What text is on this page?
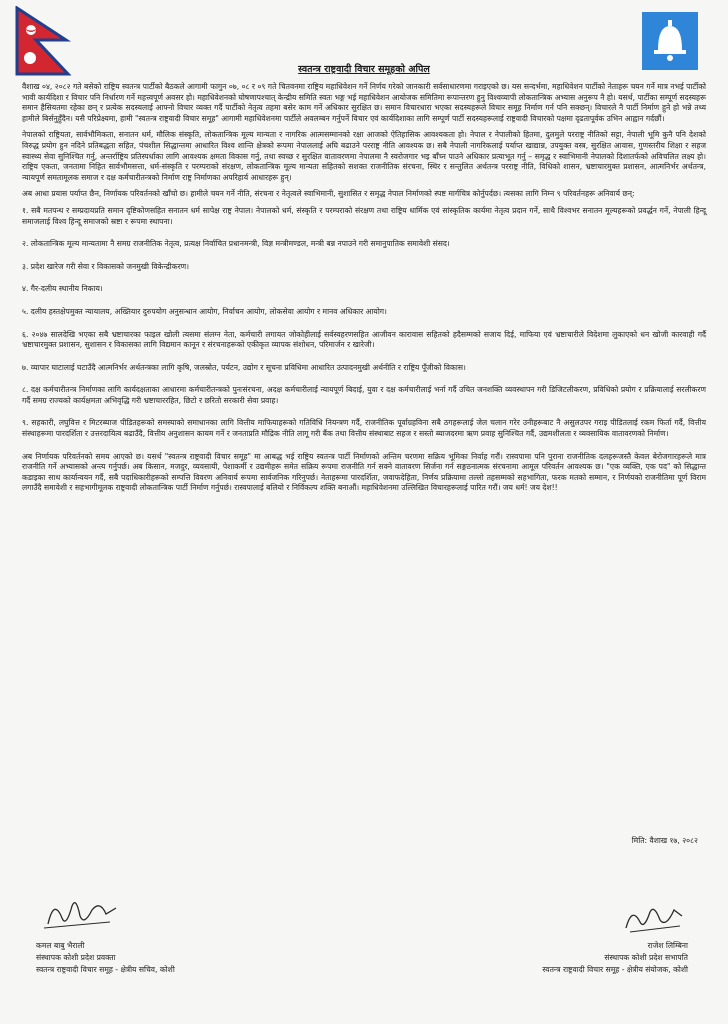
स्वतन्त्र राष्ट्रवादी विचार समूहको अपिल

वैशाख ०४, २०८२ गते बसेको राष्ट्रिय स्वतन्त्र पार्टीको बैठकले आगामी फागुन ०७, ०८ र ०९ गते चितवनमा राष्ट्रिय महाधिवेशन गर्ने निर्णय गरेको जानकारी सर्वसाधारणमा गराइएको छ। यस सन्दर्भमा, महाधिवेशन पार्टीको नेताहरू चयन गर्ने मात्र नभई पार्टीको भावी कार्यदिशा र विचार पनि निर्धारण गर्ने महत्त्वपूर्ण अवसर हो। महाधिवेशनको घोषणापश्चात् केन्द्रीय समिति स्वतः भङ्ग भई महाधिवेशन आयोजक समितिमा रूपान्तरण हुनु विश्वव्यापी लोकतान्त्रिक अभ्यास अनुरूप नै हो। यसर्थ, पार्टीका सम्पूर्ण सदस्यहरू समान हैसियतमा रहेका छन् र प्रत्येक सदस्यलाई आफ्नो विचार व्यक्त गर्दै पार्टीको नेतृत्व तहमा बसेर काम गर्ने अधिकार सुरक्षित छ। समान विचारधारा भएका सदस्यहरूले विचार समूह निर्माण गर्न पनि सक्छन्। विचारले नै पार्टी निर्माण हुने हो भन्ने तथ्य हामीले बिर्सनुहुँदैन। यसै परिप्रेक्ष्यमा, हामी "स्वतन्त्र राष्ट्रवादी विचार समूह" आगामी महाधिवेशनमा पार्टीले अवलम्बन गर्नुपर्ने विचार एवं कार्यदिशाका लागि सम्पूर्ण पार्टी सदस्यहरूलाई राष्ट्रवादी विचारको पक्षमा दृढतापूर्वक उभिन आह्वान गर्दछौं।

नेपालको राष्ट्रियता, सार्वभौमिकता, सनातन धर्म, मौलिक संस्कृति, लोकतान्त्रिक मूल्य मान्यता र नागरिक आत्मसम्मानको रक्षा आजको ऐतिहासिक आवश्यकता हो। नेपाल र नेपालीको हितमा, दुलमुले परराष्ट्र नीतिको सट्टा, नेपाली भूमि कुनै पनि देशको विरुद्ध प्रयोग हुन नदिने प्रतिबद्धता सहित, पंचशील सिद्धान्तमा आधारित विश्व शान्ति क्षेत्रको रूपमा नेपाललाई अघि बढाउने परराष्ट्र नीति आवश्यक छ। सबै नेपाली नागरिकलाई पर्याप्त खाद्यान्न, उपयुक्त वस्त्र, सुरक्षित आवास, गुणस्तरीय शिक्षा र सहज स्वास्थ्य सेवा सुनिश्चित गर्नु, अन्तर्राष्ट्रिय प्रतिस्पर्धाका लागि आवश्यक क्षमता विकास गर्नु, तथा स्वच्छ र सुरक्षित वातावरणमा नेपालमा नै स्वरोजगार भइ बाँच्न पाउने अधिकार प्रत्याभूत गर्नु – समृद्ध र स्वाभिमानी नेपालको दिशातर्फको अविचलित लक्ष्य हो। राष्ट्रिय एकता, जनतामा निहित सार्वभौमसत्ता, धर्म-संस्कृति र परम्पराको संरक्षण, लोकतान्त्रिक मूल्य मान्यता सहितको सशक्त राजनीतिक संरचना, स्थिर र सन्तुलित अर्थतन्त्र परराष्ट्र नीति, विधिको शासन, भ्रष्टाचारमुक्त प्रशासन, आत्मनिर्भर अर्थतन्त्र, न्यायपूर्ण समतामूलक समाज र दक्ष कर्मचारीतन्त्रको निर्माण राष्ट्र निर्माणका अपरिहार्य आधारहरू हुन्।

अब आधा प्रयास पर्याप्त छैन, निर्णायक परिवर्तनको खाँचो छ। हामीले चयन गर्ने नीति, संरचना र नेतृत्वले स्वाभिमानी, सुशासित र समृद्ध नेपाल निर्माणको स्पष्ट मार्गचित्र कोर्नुपर्दछ। त्यसका लागि निम्न ९ परिवर्तनहरू अनिवार्य छन्:

१. सबै मतपन्थ र सम्प्रदायप्रति समान दृष्टिकोणसहित सनातन धर्म सापेक्ष राष्ट्र नेपाल। नेपालको धर्म, संस्कृति र परम्पराको संरक्षण तथा राष्ट्रिय धार्मिक एवं सांस्कृतिक कार्यमा नेतृत्व प्रदान गर्ने, साथै विश्वभर सनातन मूल्यहरूको प्रवर्द्धन गर्ने, नेपाली हिन्दू समाजलाई विश्व हिन्दू समाजको स्रष्टा र रूपमा स्थापना।

२. लोकतान्त्रिक मूल्य मान्यतामा नै समग्र राजनीतिक नेतृत्व, प्रत्यक्ष निर्वाचित प्रधानमन्त्री, विज्ञ मन्त्रीमण्डल, मन्त्री बन्न नपाउने गरी समानुपातिक समावेशी संसद।

३. प्रदेश खारेज गरी सेवा र विकासको जनमुखी विकेन्द्रीकरण।

४. गैर-दलीय स्थानीय निकाय।

५. दलीय हस्तक्षेपमुक्त न्यायालय, अख्तियार दुरुपयोग अनुसन्धान आयोग, निर्वाचन आयोग, लोकसेवा आयोग र मानव अधिकार आयोग।

६. २०४७ सालदेखि भएका सबै भ्रष्टाचारका फाइल खोली त्यसमा संलग्न नेता, कर्मचारी लगायत जोकोहीलाई सर्वस्वहरणसहित आजीवन कारावास सहितको हदैसम्मको सजाय दिई, माफिया एवं भ्रष्टाचारीले विदेशमा लुकाएको धन खोजी कारवाही गर्दै भ्रष्टाचारमुक्त प्रशासन, सुशासन र विकासका लागि विद्यमान कानून र संरचनाहरूको एकीकृत व्यापक संशोधन, परिमार्जन र खारेजी।

७. व्यापार घाटालाई घटाउँदै आत्मनिर्भर अर्थतन्त्रका लागि कृषि, जलस्रोत, पर्यटन, उद्योग र सूचना प्रविधिमा आधारित उत्पादनमुखी अर्थनीति र राष्ट्रिय पूँजीको विकास।

८. दक्ष कर्मचारीतन्त्र निर्माणका लागि कार्यदक्षताका आधारमा कर्मचारीतन्त्रको पुनःसंरचना, अदक्ष कर्मचारीलाई न्यायपूर्ण बिदाई, युवा र दक्ष कर्मचारीलाई भर्ना गर्दै उचित जनशक्ति व्यवस्थापन गरी डिजिटलीकरण, प्रविधिको प्रयोग र प्रक्रियालाई सरलीकरण गर्दै समग्र राज्यको कार्यक्षमता अभिवृद्धि गरी भ्रष्टाचाररहित, छिटो र छरितो सरकारी सेवा प्रवाह।

९. सहकारी, लघुवित्त र मिटरब्याज पीडितहरूको समस्याको समाधानका लागि वित्तीय माफियाहरूको गतिविधि नियन्त्रण गर्दै, राजनीतिक पूर्वाग्रहविना सबै ठगहरूलाई जेल चलान गरेर उनीहरूबाट नै असुलउपर गराइ पीडितलाई रकम फिर्ता गर्दै, वित्तीय संस्थाहरूमा पारदर्शिता र उत्तरदायित्व बढाउँदै, वित्तीय अनुशासन कायम गर्ने र जनताप्रति मौद्रिक नीति लागू गरी बैंक तथा वित्तीय संस्थाबाट सहज र सस्तो ब्याजदरमा ऋण प्रवाह सुनिश्चित गर्दै, उद्यमशीलता र व्यवसायिक वातावरणको निर्माण।

अब निर्णायक परिवर्तनको समय आएको छ। यसर्थ "स्वतन्त्र राष्ट्रवादी विचार समूह" मा आबद्ध भई राष्ट्रिय स्वतन्त्र पार्टी निर्माणको अन्तिम चरणमा सक्रिय भूमिका निर्वाह गरौं। रास्वपामा पनि पुराना राजनीतिक दलहरूजस्तै केवल बेरोजगारहरूले मात्र राजनीति गर्ने अभ्यासको अन्त्य गर्नुपर्छ। अब किसान, मजदुर, व्यवसायी, पेशाकर्मी र उद्यमीहरू समेत सक्रिय रूपमा राजनीति गर्न सक्ने वातावरण सिर्जना गर्न सङ्गठनात्मक संरचनामा आमूल परिवर्तन आवश्यक छ। "एक व्यक्ति, एक पद" को सिद्धान्त कडाइका साथ कार्यान्वयन गर्दै, सबै पदाधिकारीहरूको सम्पत्ति विवरण अनिवार्य रूपमा सार्वजनिक गरिनुपर्छ। नेताहरूमा पारदर्शिता, जवाफदेहिता, निर्णय प्रक्रियामा तल्लो तहसम्मको सहभागिता, फरक मतको सम्मान, र निर्णयको राजनीतिमा पूर्ण विराम लगाउँदै समावेशी र सहभागीमूलक राष्ट्रवादी लोकतान्त्रिक पार्टी निर्माण गर्नुपर्छ। रास्वपालाई बलियो र निर्विकल्प शक्ति बनाऔं। महाधिवेशनमा उल्लिखित विचारहरूलाई पारित गरौं। जय धर्म! जय देश!!

मिति: वैशाख १७, २०८२
कमल बाबु भैराली
संस्थापक कोशी प्रदेश प्रवक्ता
स्वतन्त्र राष्ट्रवादी विचार समूह - क्षेत्रीय सचिव, कोशी
राजेश लिम्बिना
संस्थापक कोशी प्रदेश सभापति
स्वतन्त्र राष्ट्रवादी विचार समूह - क्षेत्रीय संयोजक, कोशी
